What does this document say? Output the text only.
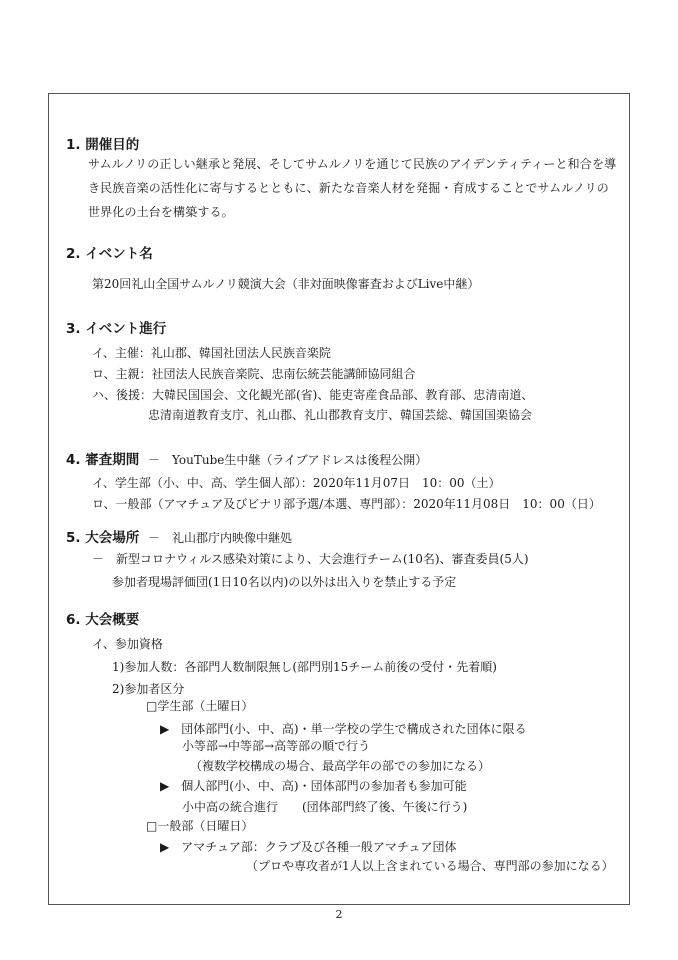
1. 開催目的
サムルノリの正しい継承と発展、そしてサムルノリを通じて民族のアイデンティティーと和合を導き民族音楽の活性化に寄与するとともに、新たな音楽人材を発掘・育成することでサムルノリの世界化の土台を構築する。
2. イベント名
第20回礼山全国サムルノリ競演大会（非対面映像審査およびLive中継）
3. イベント進行
イ、主催：礼山郡、韓国社団法人民族音楽院
ロ、主親：社団法人民族音楽院、忠南伝統芸能講師協同組合
ハ、後援：大韓民国国会、文化観光部(省)、能吏寄産食品部、教育部、忠清南道、
忠清南道教育支庁、礼山郡、礼山郡教育支庁、韓国芸総、韓国国楽協会
4. 審査期間 －　YouTube生中継（ライブアドレスは後程公開）
イ、学生部（小、中、高、学生個人部）：2020年11月07日　10：00（土）
ロ、一般部（アマチュア及びビナリ部予選/本選、専門部）：2020年11月08日　10：00（日）
5. 大会場所 －　礼山郡庁内映像中継処
－　新型コロナウィルス感染対策により、大会進行チーム(10名)、審査委員(5人)
参加者現場評価団(1日10名以内)の以外は出入りを禁止する予定
6. 大会概要
イ、参加資格
1)参加人数：各部門人数制限無し(部門別15チーム前後の受付・先着順)
2)参加者区分
□学生部（土曜日）
▶　団体部門(小、中、高)・単一学校の学生で構成された団体に限る
小等部→中等部→高等部の順で行う
（複数学校構成の場合、最高学年の部での参加になる）
▶　個人部門(小、中、高)・団体部門の参加者も参加可能
小中高の統合進行　　(団体部門終了後、午後に行う)
□一般部（日曜日）
▶　アマチュア部：クラブ及び各種一般アマチュア団体
（プロや専攻者が1人以上含まれている場合、専門部の参加になる）
2
